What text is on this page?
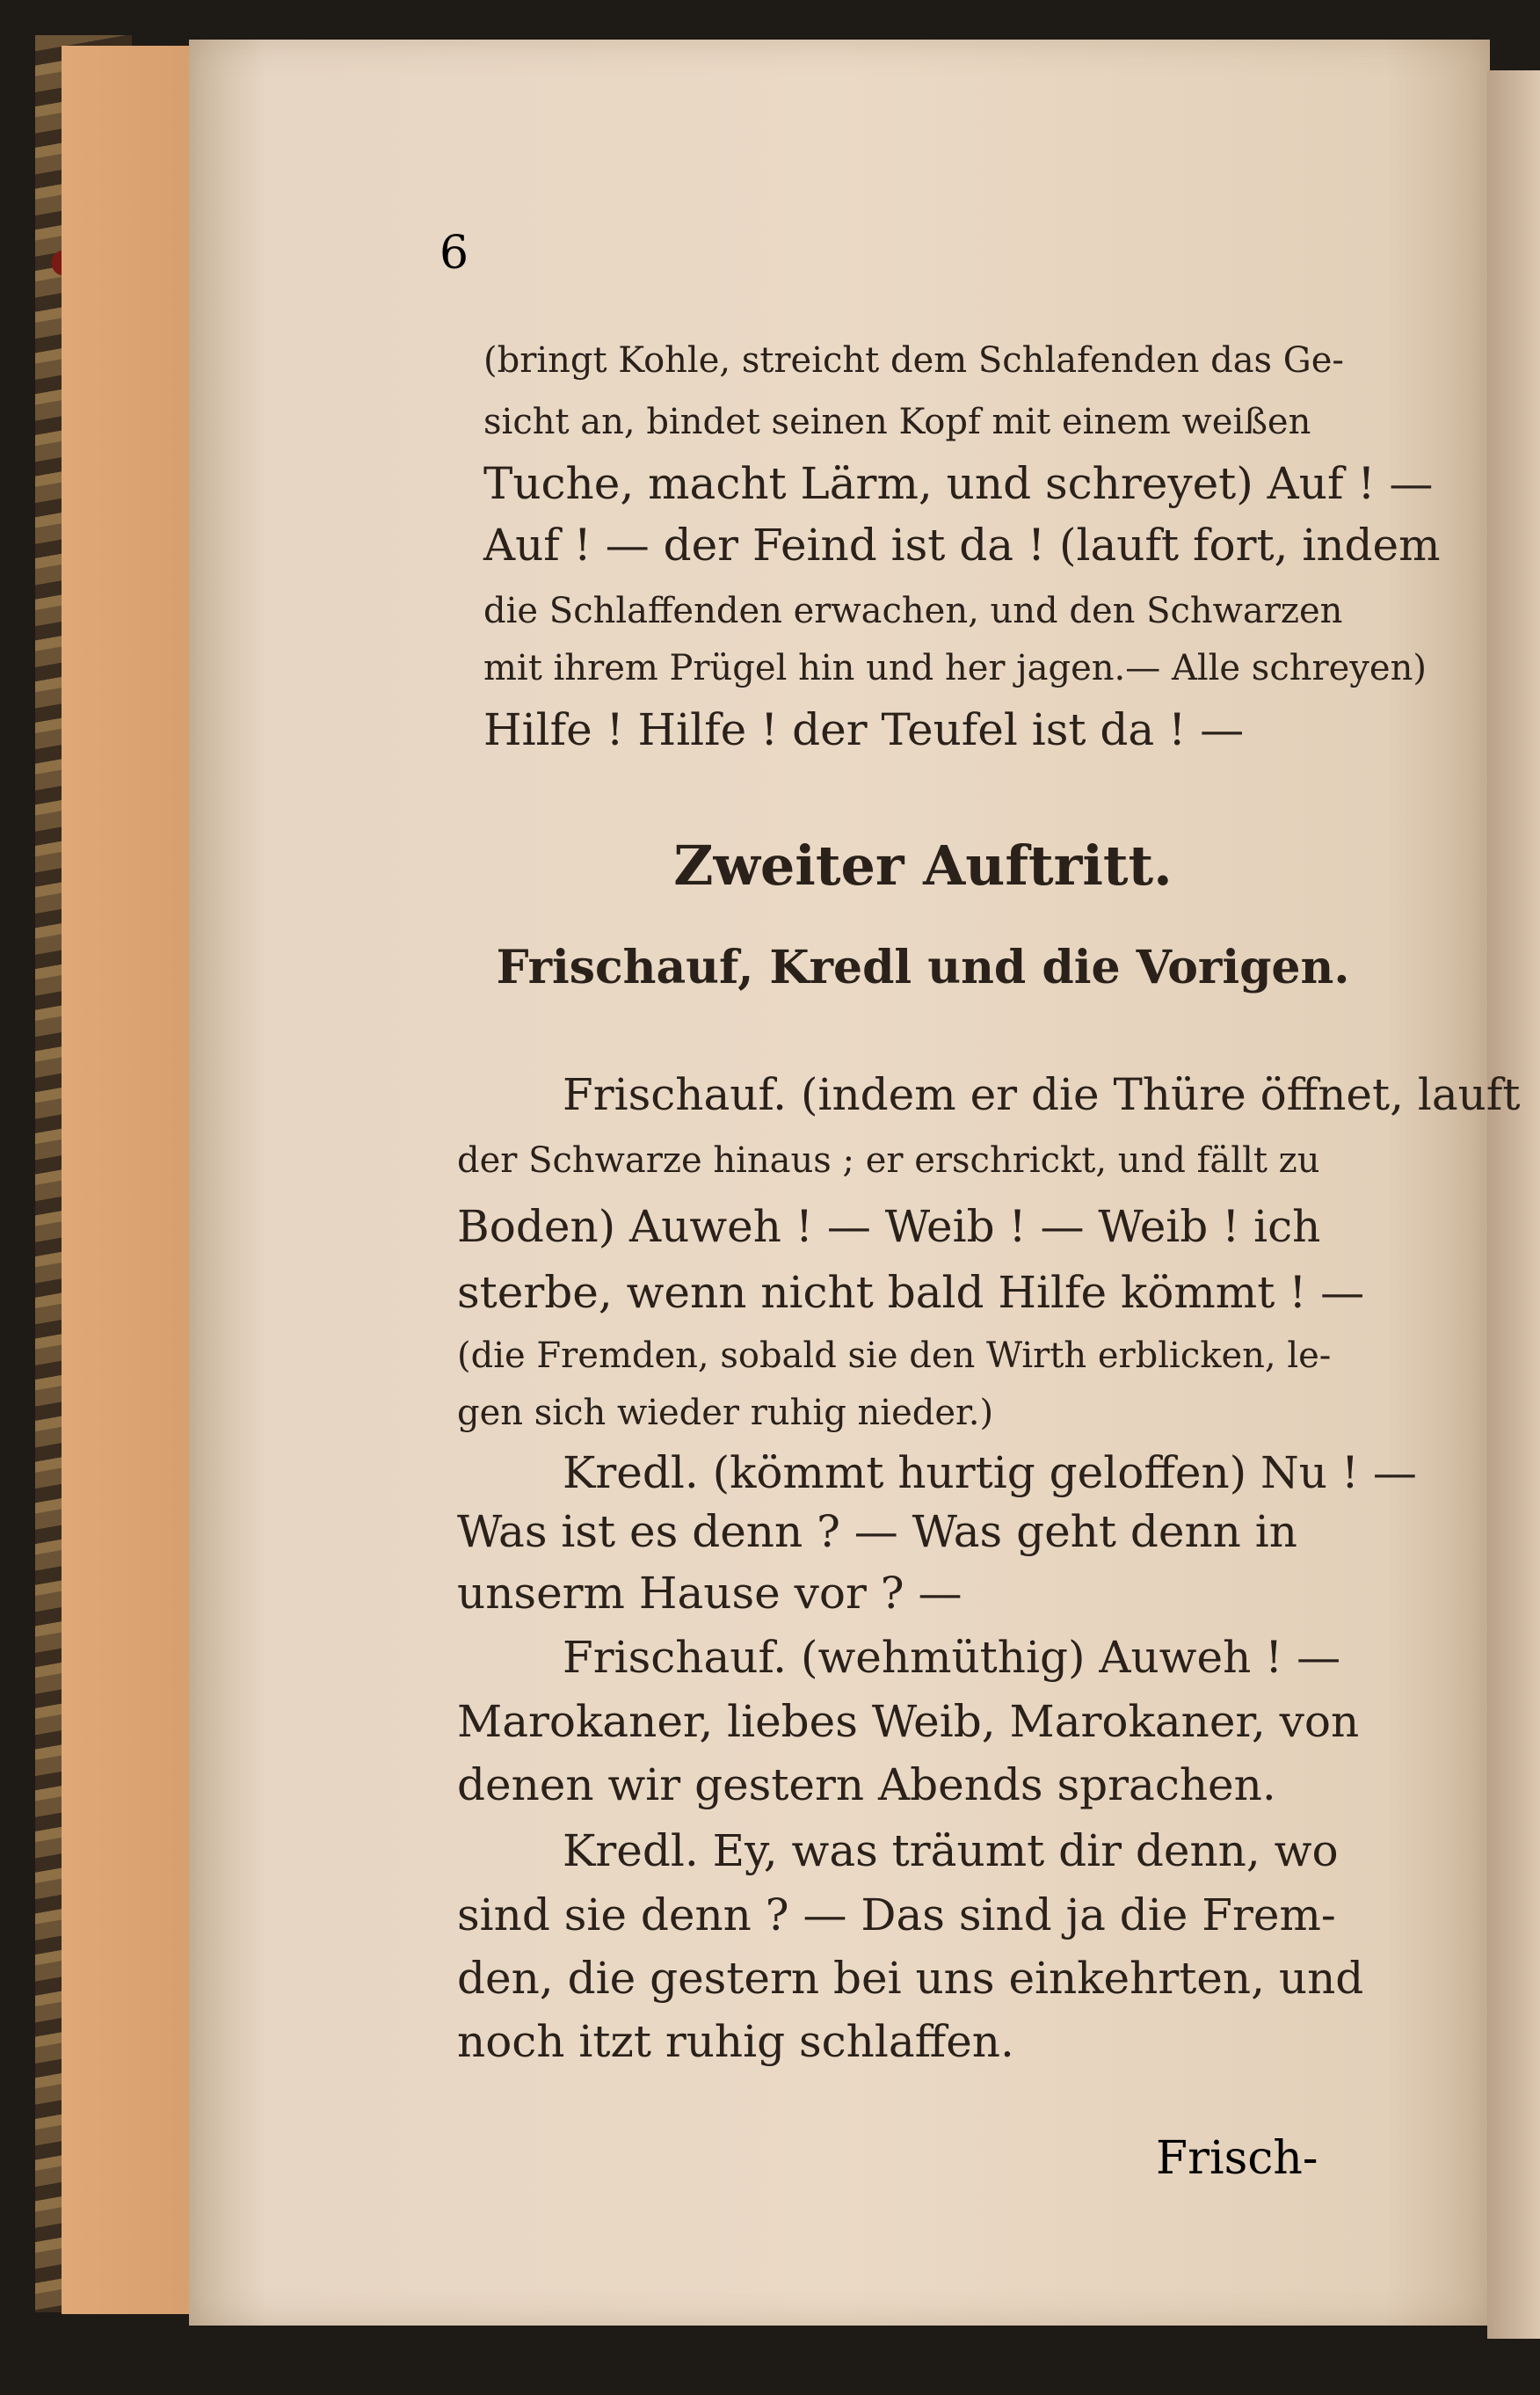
6

(bringt Kohle, streicht dem Schlafenden das Ge-

sicht an, bindet seinen Kopf mit einem weißen

Tuche, macht Lärm, und schreyet) Auf ! —

Auf ! — der Feind ist da ! (lauft fort, indem

die Schlaffenden erwachen, und den Schwarzen

mit ihrem Prügel hin und her jagen.— Alle schreyen)

Hilfe ! Hilfe ! der Teufel ist da ! —

Zweiter Auftritt.

Frischauf, Kredl und die Vorigen.

Frischauf. (indem er die Thüre öffnet, lauft

der Schwarze hinaus ; er erschrickt, und fällt zu

Boden) Auweh ! — Weib ! — Weib ! ich

sterbe, wenn nicht bald Hilfe kömmt ! —

(die Fremden, sobald sie den Wirth erblicken, le-

gen sich wieder ruhig nieder.)

Kredl. (kömmt hurtig geloffen) Nu ! —

Was ist es denn ? — Was geht denn in

unserm Hause vor ? —

Frischauf. (wehmüthig) Auweh ! —

Marokaner, liebes Weib, Marokaner, von

denen wir gestern Abends sprachen.

Kredl. Ey, was träumt dir denn, wo

sind sie denn ? — Das sind ja die Frem-

den, die gestern bei uns einkehrten, und

noch itzt ruhig schlaffen.

Frisch-
